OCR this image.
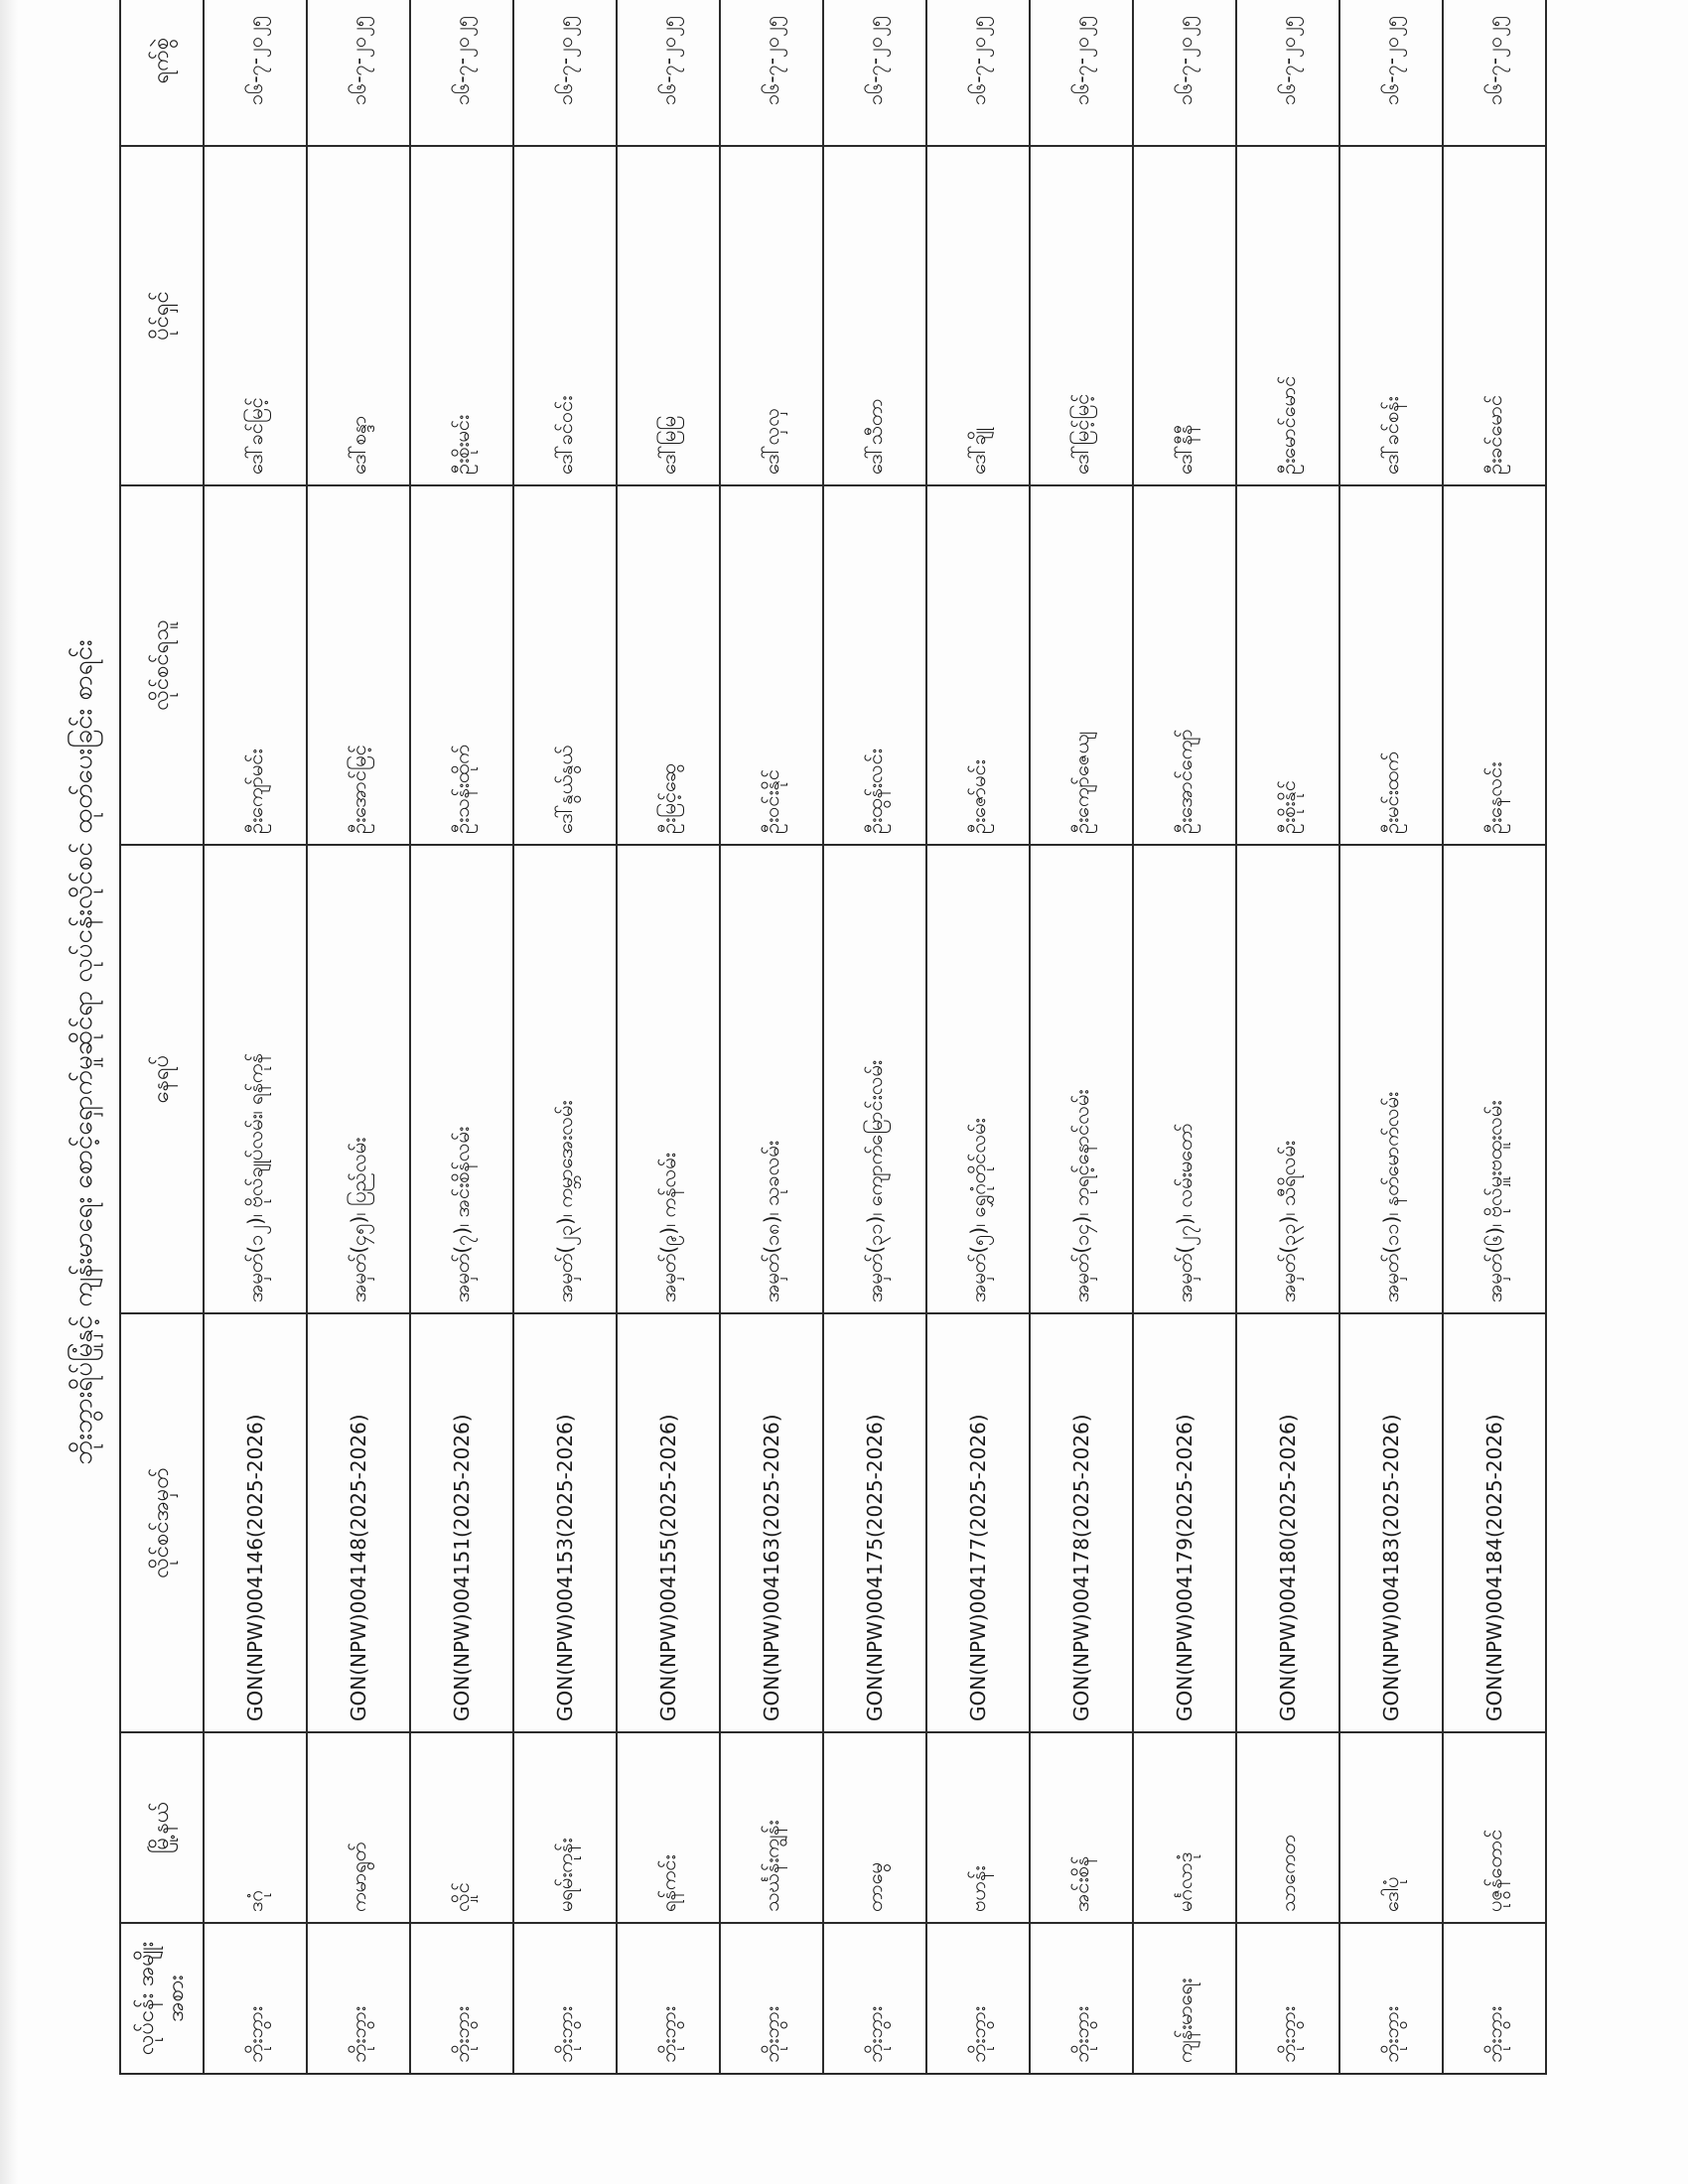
ဘိုးဘွားရိပ်မြုံနှင့် ကျန်းမာရေး စောင့်ရှောက်မှုဆိုင်ရာ လုပ်ငန်းလိုင်စင် ထုတ်ပေးခြင်း စာရင်း
လုပ်ငန်း အမျိုးအစား	မြို့နယ်	လိုင်စင်အမှတ်	နေရပ်	လိုင်စင်ရသူ	ပိုင်ရှင်	ရက်စွဲ	
ဘိုးဘွား	ဒဂုံ	GON(NPW)004146(2025-2026)	အမှတ်(၁၂)၊ ဗိုလ်ချုပ်လမ်း၊ ရန်ကုန်	ဦးကျော်မင်း	ဒေါ်ခင်မြင့်	၁၆-၇-၂၀၂၅	
ဘိုးဘွား	ကမာရွတ်	GON(NPW)004148(2025-2026)	အမှတ်(၄၅)၊ ပြည်လမ်း	ဦးအောင်မြင့်	ဒေါ်စန္ဒာ	၁၆-၇-၂၀၂၅	
ဘိုးဘွား	လှိုင်	GON(NPW)004151(2025-2026)	အမှတ်(၇)၊ အင်းစိန်လမ်း	ဦးသန်းထိုက်	ဦးစိုးမင်း	၁၆-၇-၂၀၂၅	
ဘိုးဘွား	မရမ်းကုန်း	GON(NPW)004153(2025-2026)	အမှတ်(၂၃)၊ ကမ္ဘာအေးလမ်း	ဒေါ်နွယ်နွယ်	ဒေါ်ခင်ဝင်း	၁၆-၇-၂၀၂၅	
ဘိုးဘွား	ရန်ကင်း	GON(NPW)004155(2025-2026)	အမှတ်(၉)၊ ကန်လမ်း	ဦးမြင့်ဆွေ	ဒေါ်မြမြ	၁၆-၇-၂၀၂၅	
ဘိုးဘွား	သင်္ဃန်းကျွန်း	GON(NPW)004163(2025-2026)	အမှတ်(၁၈)၊ သုခလမ်း	ဦးဝင်းနိုင်	ဒေါ်လှလှ	၁၆-၇-၂၀၂၅	
ဘိုးဘွား	တာမွေ	GON(NPW)004175(2025-2026)	အမှတ်(၃၁)၊ ကျောက်မြောင်းလမ်း	ဦးထွန်းလင်း	ဒေါ်သီတာ	၁၆-၇-၂၀၂၅	
ဘိုးဘွား	ဗဟန်း	GON(NPW)004177(2025-2026)	အမှတ်(၅)၊ ရွှေဂုံတိုင်လမ်း	ဦးဇော်မင်း	ဒေါ်ချို	၁၆-၇-၂၀၂၅	
ဘိုးဘွား	အင်းစိန်	GON(NPW)004178(2025-2026)	အမှတ်(၁၄)၊ ဘုရင့်နောင်လမ်း	ဦးကျော်ဇေယျ	ဒေါ်မြင့်မြင့်	၁၆-၇-၂၀၂၅	
ကျန်းမာရေး	မင်္ဂလာဒုံ	GON(NPW)004179(2025-2026)	အမှတ်(၂၇)၊ လမ်းမတော်	ဦးအောင်ကျော်	ဒေါ်နီနီ	၁၆-၇-၂၀၂၅	
ဘိုးဘွား	သာကေတ	GON(NPW)004180(2025-2026)	အမှတ်(၃၃)၊ သီရိလမ်း	ဦးစိုးနိုင်	ဦးမောင်မောင်	၁၆-၇-၂၀၂၅	
ဘိုးဘွား	ဒေါပုံ	GON(NPW)004183(2025-2026)	အမှတ်(၁၁)၊ နတ်မောက်လမ်း	ဦးမင်းထက်	ဒေါ်ခင်စန်း	၁၆-၇-၂၀၂၅	
ဘိုးဘွား	ပုဇွန်တောင်	GON(NPW)004184(2025-2026)	အမှတ်(၆)၊ ဗိုလ်မှူးဗထူးလမ်း	ဦးနေလင်း	ဦးခင်မောင်	၁၆-၇-၂၀၂၅	
